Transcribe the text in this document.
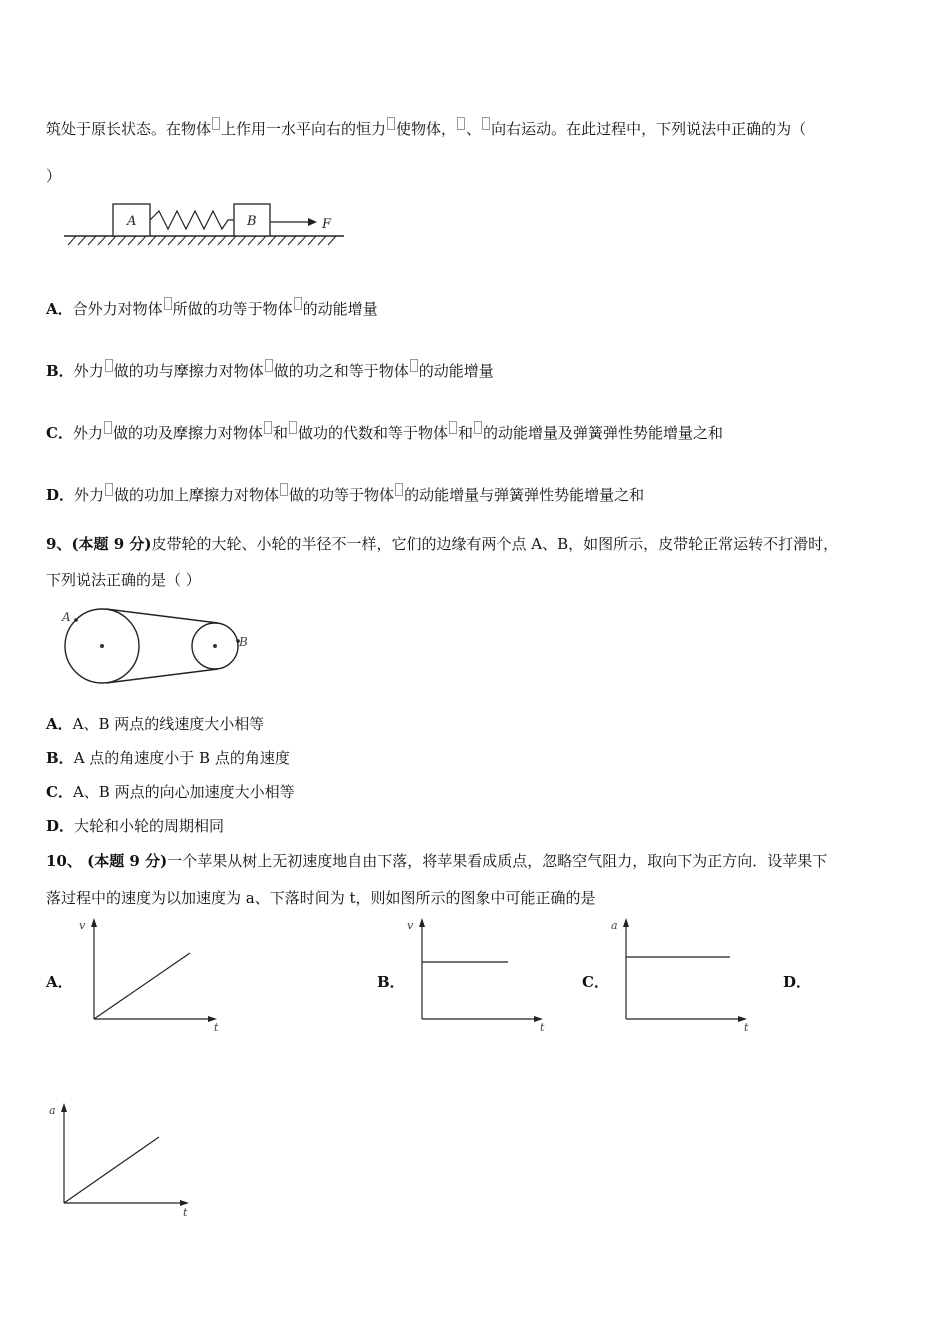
筑处于原长状态。在物体 上作用一水平向右的恒力 使物体， 、 向右运动。在此过程中，下列说法中正确的为（
）
A	B	F
A．合外力对物体 所做的功等于物体 的动能增量
B．外力 做的功与摩擦力对物体 做的功之和等于物体 的动能增量
C．外力 做的功及摩擦力对物体 和 做功的代数和等于物体 和 的动能增量及弹簧弹性势能增量之和
D．外力 做的功加上摩擦力对物体 做的功等于物体 的动能增量与弹簧弹性势能增量之和
9、(本题 9 分)皮带轮的大轮、小轮的半径不一样，它们的边缘有两个点 A、B，如图所示，皮带轮正常运转不打滑时，
下列说法正确的是（ ）
A
B
A．A、B 两点的线速度大小相等
B．A 点的角速度小于 B 点的角速度
C．A、B 两点的向心加速度大小相等
D．大轮和小轮的周期相同
10、 (本题 9 分)一个苹果从树上无初速度地自由下落，将苹果看成质点，忽略空气阻力，取向下为正方向．设苹果下
落过程中的速度为以加速度为 a、下落时间为 t，则如图所示的图象中可能正确的是
A．	B．	C．	D．
v
t
v
t
a
t
a
t
